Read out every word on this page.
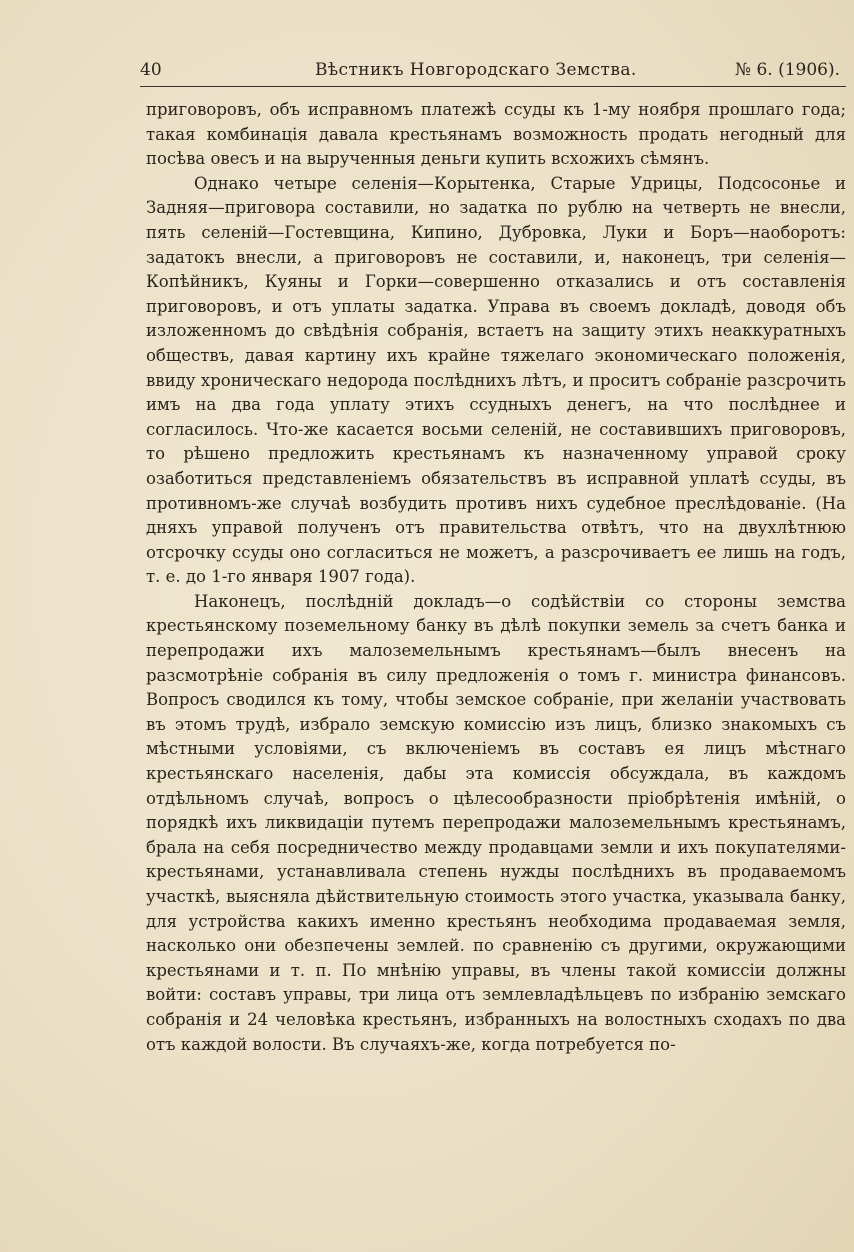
40	Вѣстникъ Новгородскаго Земства.	№ 6. (1906).

приговоровъ, объ исправномъ платежѣ ссуды къ 1-му ноября прошлаго года; такая комбинація давала крестьянамъ возможность продать негодный для посѣва овесъ и на вырученныя деньги купить всхожихъ сѣмянъ.

Однако четыре селенія—Корытенка, Старые Удрицы, Подсосонье и Задняя—приговора составили, но задатка по рублю на четверть не внесли, пять селеній—Гостевщина, Кипино, Дубровка, Луки и Боръ—наоборотъ: задатокъ внесли, а приговоровъ не составили, и, наконецъ, три селенія—Копѣйникъ, Куяны и Горки—совершенно отказались и отъ составленія приговоровъ, и отъ уплаты задатка. Управа въ своемъ докладѣ, доводя объ изложенномъ до свѣдѣнія собранія, встаетъ на защиту этихъ неаккуратныхъ обществъ, давая картину ихъ крайне тяжелаго экономическаго положенія, ввиду хроническаго недорода послѣднихъ лѣтъ, и проситъ собраніе разсрочить имъ на два года уплату этихъ ссудныхъ денегъ, на что послѣднее и согласилось. Что-же касается восьми селеній, не составившихъ приговоровъ, то рѣшено предложить крестьянамъ къ назначенному управой сроку озаботиться представленіемъ обязательствъ въ исправной уплатѣ ссуды, въ противномъ-же случаѣ возбудить противъ нихъ судебное преслѣдованіе. (На дняхъ управой полученъ отъ правительства отвѣтъ, что на двухлѣтнюю отсрочку ссуды оно согласиться не можетъ, а разсрочиваетъ ее лишь на годъ, т. е. до 1-го января 1907 года).

Наконецъ, послѣдній докладъ—о содѣйствіи со стороны земства крестьянскому поземельному банку въ дѣлѣ покупки земель за счетъ банка и перепродажи ихъ малоземельнымъ крестьянамъ—былъ внесенъ на разсмотрѣніе собранія въ силу предложенія о томъ г. министра финансовъ. Вопросъ сводился къ тому, чтобы земское собраніе, при желаніи участвовать въ этомъ трудѣ, избрало земскую комиссію изъ лицъ, близко знакомыхъ съ мѣстными условіями, съ включеніемъ въ составъ ея лицъ мѣстнаго крестьянскаго населенія, дабы эта комиссія обсуждала, въ каждомъ отдѣльномъ случаѣ, вопросъ о цѣлесообразности пріобрѣтенія имѣній, о порядкѣ ихъ ликвидаціи путемъ перепродажи малоземельнымъ крестьянамъ, брала на себя посредничество между продавцами земли и ихъ покупателями-крестьянами, устанавливала степень нужды послѣднихъ въ продаваемомъ участкѣ, выясняла дѣйствительную стоимость этого участка, указывала банку, для устройства какихъ именно крестьянъ необходима продаваемая земля, насколько они обезпечены землей. по сравненію съ другими, окружающими крестьянами и т. п. По мнѣнію управы, въ члены такой комиссіи должны войти: составъ управы, три лица отъ землевладѣльцевъ по избранію земскаго собранія и 24 человѣка крестьянъ, избранныхъ на волостныхъ сходахъ по два отъ каждой волости. Въ случаяхъ-же, когда потребуется по-
